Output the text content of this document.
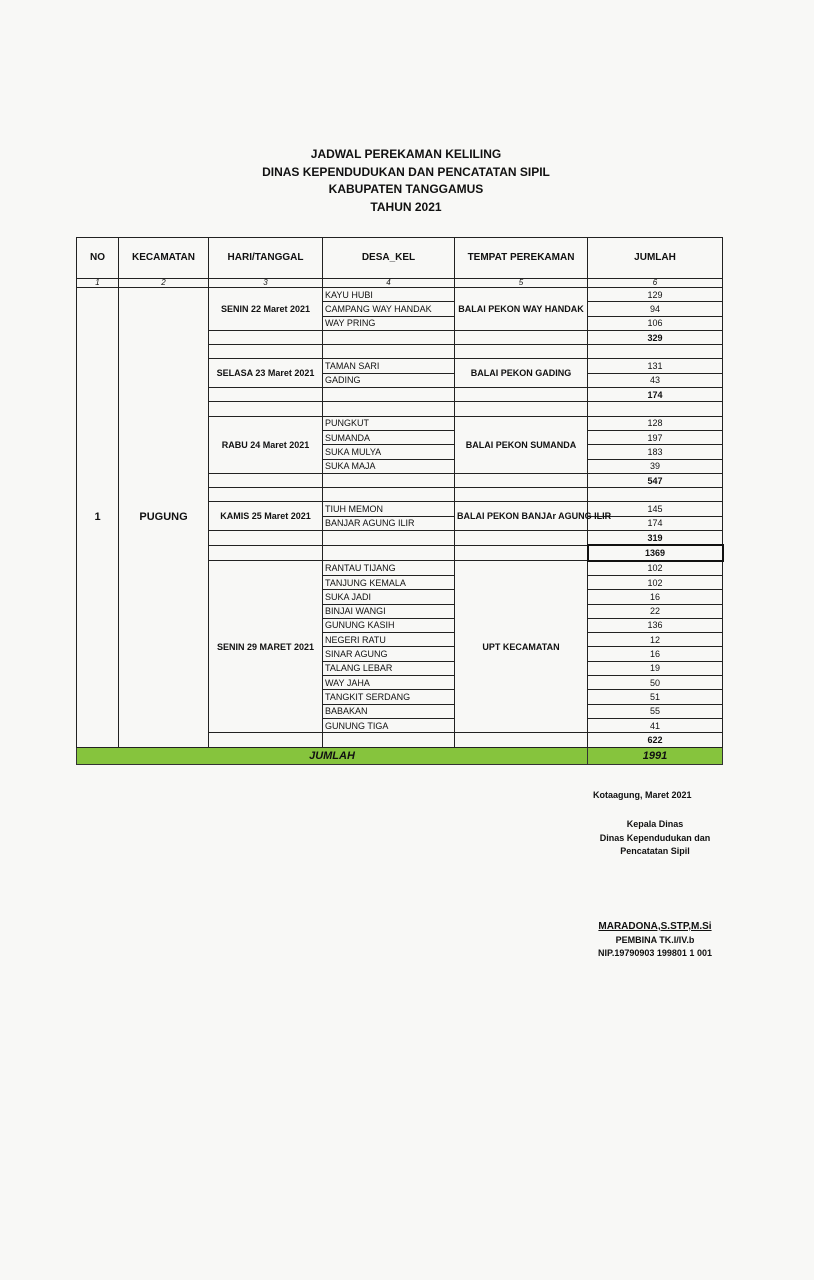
JADWAL PEREKAMAN KELILING
DINAS KEPENDUDUKAN DAN PENCATATAN SIPIL
KABUPATEN TANGGAMUS
TAHUN 2021
NO	KECAMATAN	HARI/TANGGAL	DESA_KEL	TEMPAT PEREKAMAN	JUMLAH
1	2	3	4	5	6
1	PUGUNG	SENIN 22 Maret 2021	KAYU HUBI	BALAI PEKON WAY HANDAK	129
			CAMPANG WAY HANDAK		94
			WAY PRING		106
					329

		SELASA 23 Maret 2021	TAMAN SARI	BALAI PEKON GADING	131
			GADING		43
					174

		RABU 24 Maret 2021	PUNGKUT	BALAI PEKON SUMANDA	128
			SUMANDA		197
			SUKA MULYA		183
			SUKA MAJA		39
					547

		KAMIS 25 Maret 2021	TIUH MEMON	BALAI PEKON BANJAr AGUNG ILIR	145
			BANJAR AGUNG ILIR		174
					319
					1369
		SENIN 29 MARET 2021	RANTAU TIJANG	UPT KECAMATAN	102
			TANJUNG KEMALA		102
			SUKA JADI		16
			BINJAI WANGI		22
			GUNUNG KASIH		136
			NEGERI RATU		12
			SINAR AGUNG		16
			TALANG LEBAR		19
			WAY JAHA		50
			TANGKIT SERDANG		51
			BABAKAN		55
			GUNUNG TIGA		41
					622
JUMLAH					1991
Kotaagung, Maret 2021
Kepala Dinas
Dinas Kependudukan dan
Pencatatan Sipil
MARADONA,S.STP,M.Si
PEMBINA TK.I/IV.b
NIP.19790903 199801 1 001
